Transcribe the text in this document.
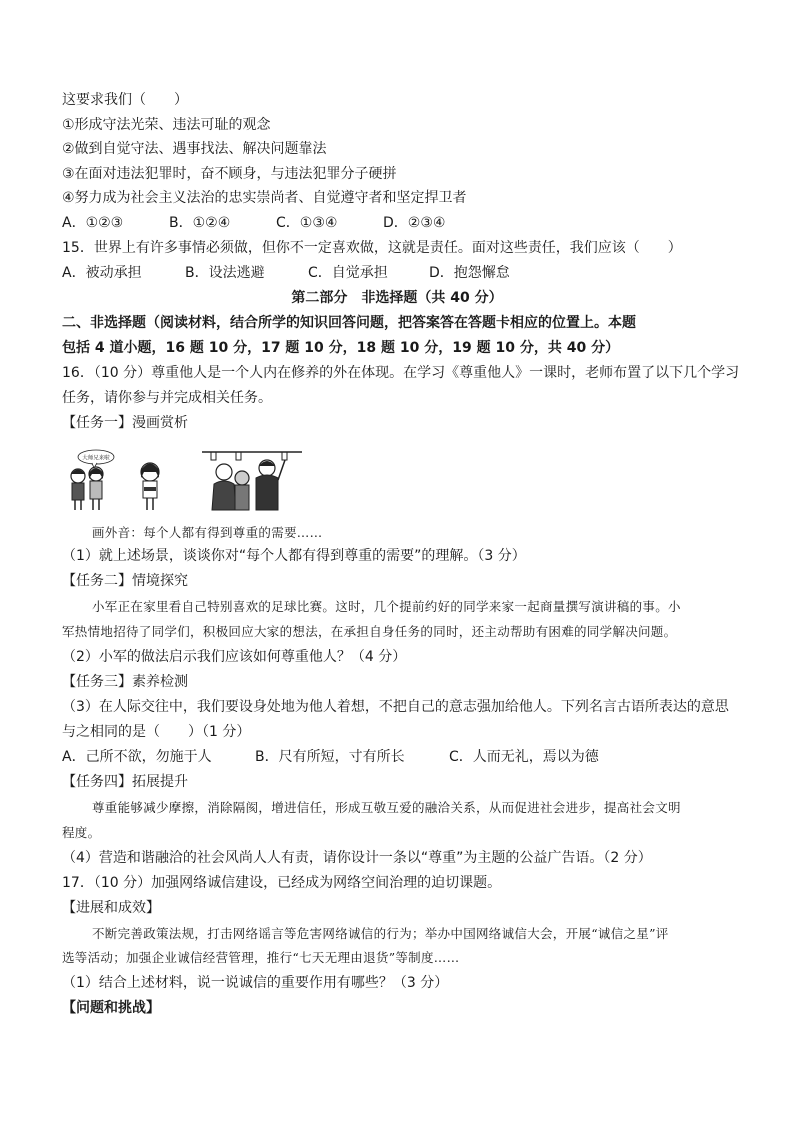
这要求我们（　　）
①形成守法光荣、违法可耻的观念
②做到自觉守法、遇事找法、解决问题靠法
③在面对违法犯罪时，奋不顾身，与违法犯罪分子硬拼
④努力成为社会主义法治的忠实崇尚者、自觉遵守者和坚定捍卫者
A．①②③	B．①②④	C．①③④	D．②③④
15．世界上有许多事情必须做，但你不一定喜欢做，这就是责任。面对这些责任，我们应该（　　）
A．被动承担	B．设法逃避	C．自觉承担	D．抱怨懈怠
第二部分　非选择题（共 40 分）
二、非选择题（阅读材料，结合所学的知识回答问题，把答案答在答题卡相应的位置上。本题
包括 4 道小题，16 题 10 分，17 题 10 分，18 题 10 分，19 题 10 分，共 40 分）
16．（10 分）尊重他人是一个人内在修养的外在体现。在学习《尊重他人》一课时，老师布置了以下几个学习
任务，请你参与并完成相关任务。
【任务一】漫画赏析
大师兄来啦
画外音：每个人都有得到尊重的需要……
（1）就上述场景，谈谈你对“每个人都有得到尊重的需要”的理解。（3 分）
【任务二】情境探究
小军正在家里看自己特别喜欢的足球比赛。这时，几个提前约好的同学来家一起商量撰写演讲稿的事。小
军热情地招待了同学们，积极回应大家的想法，在承担自身任务的同时，还主动帮助有困难的同学解决问题。
（2）小军的做法启示我们应该如何尊重他人？（4 分）
【任务三】素养检测
（3）在人际交往中，我们要设身处地为他人着想，不把自己的意志强加给他人。下列名言古语所表达的意思
与之相同的是（　　）（1 分）
A．己所不欲，勿施于人	B．尺有所短，寸有所长	C．人而无礼，焉以为德
【任务四】拓展提升
尊重能够减少摩擦，消除隔阂，增进信任，形成互敬互爱的融洽关系，从而促进社会进步，提高社会文明
程度。
（4）营造和谐融洽的社会风尚人人有责，请你设计一条以“尊重”为主题的公益广告语。（2 分）
17．（10 分）加强网络诚信建设，已经成为网络空间治理的迫切课题。
【进展和成效】
不断完善政策法规，打击网络谣言等危害网络诚信的行为；举办中国网络诚信大会，开展“诚信之星”评
选等活动；加强企业诚信经营管理，推行“七天无理由退货”等制度……
（1）结合上述材料，说一说诚信的重要作用有哪些？（3 分）
【问题和挑战】
